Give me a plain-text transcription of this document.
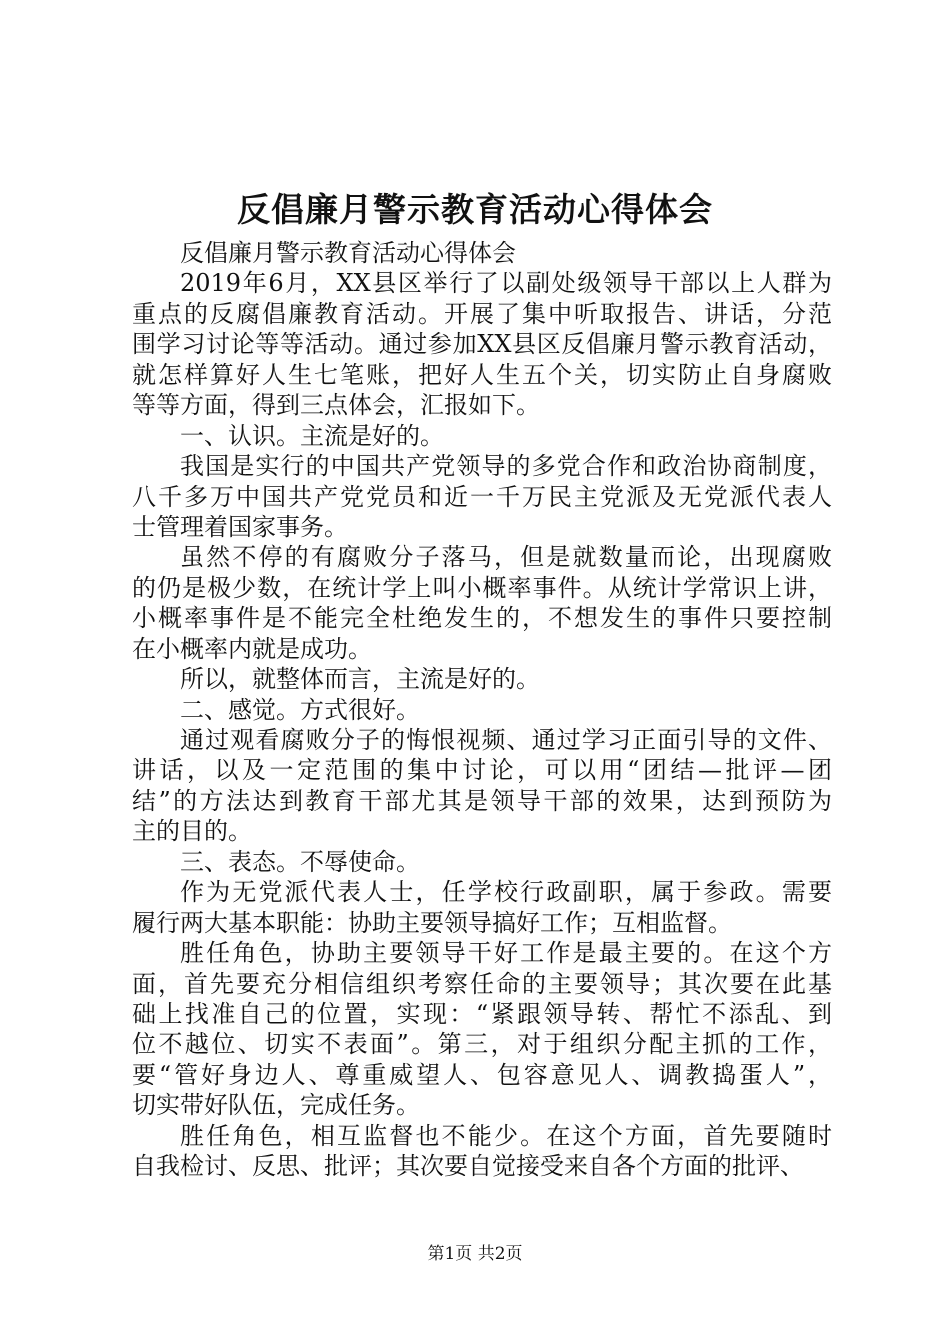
反倡廉月警示教育活动心得体会
反倡廉月警示教育活动心得体会
2019年6月，XX县区举行了以副处级领导干部以上人群为
重点的反腐倡廉教育活动。开展了集中听取报告、讲话，分范
围学习讨论等等活动。通过参加XX县区反倡廉月警示教育活动，
就怎样算好人生七笔账，把好人生五个关，切实防止自身腐败
等等方面，得到三点体会，汇报如下。
一、认识。主流是好的。
我国是实行的中国共产党领导的多党合作和政治协商制度，
八千多万中国共产党党员和近一千万民主党派及无党派代表人
士管理着国家事务。
虽然不停的有腐败分子落马，但是就数量而论，出现腐败
的仍是极少数，在统计学上叫小概率事件。从统计学常识上讲，
小概率事件是不能完全杜绝发生的，不想发生的事件只要控制
在小概率内就是成功。
所以，就整体而言，主流是好的。
二、感觉。方式很好。
通过观看腐败分子的悔恨视频、通过学习正面引导的文件、
讲话，以及一定范围的集中讨论，可以用“团结—批评—团
结”的方法达到教育干部尤其是领导干部的效果，达到预防为
主的目的。
三、表态。不辱使命。
作为无党派代表人士，任学校行政副职，属于参政。需要
履行两大基本职能：协助主要领导搞好工作；互相监督。
胜任角色，协助主要领导干好工作是最主要的。在这个方
面，首先要充分相信组织考察任命的主要领导；其次要在此基
础上找准自己的位置，实现：“紧跟领导转、帮忙不添乱、到
位不越位、切实不表面”。第三，对于组织分配主抓的工作，
要“管好身边人、尊重威望人、包容意见人、调教捣蛋人”，
切实带好队伍，完成任务。
胜任角色，相互监督也不能少。在这个方面，首先要随时
自我检讨、反思、批评；其次要自觉接受来自各个方面的批评、
第1页 共2页
